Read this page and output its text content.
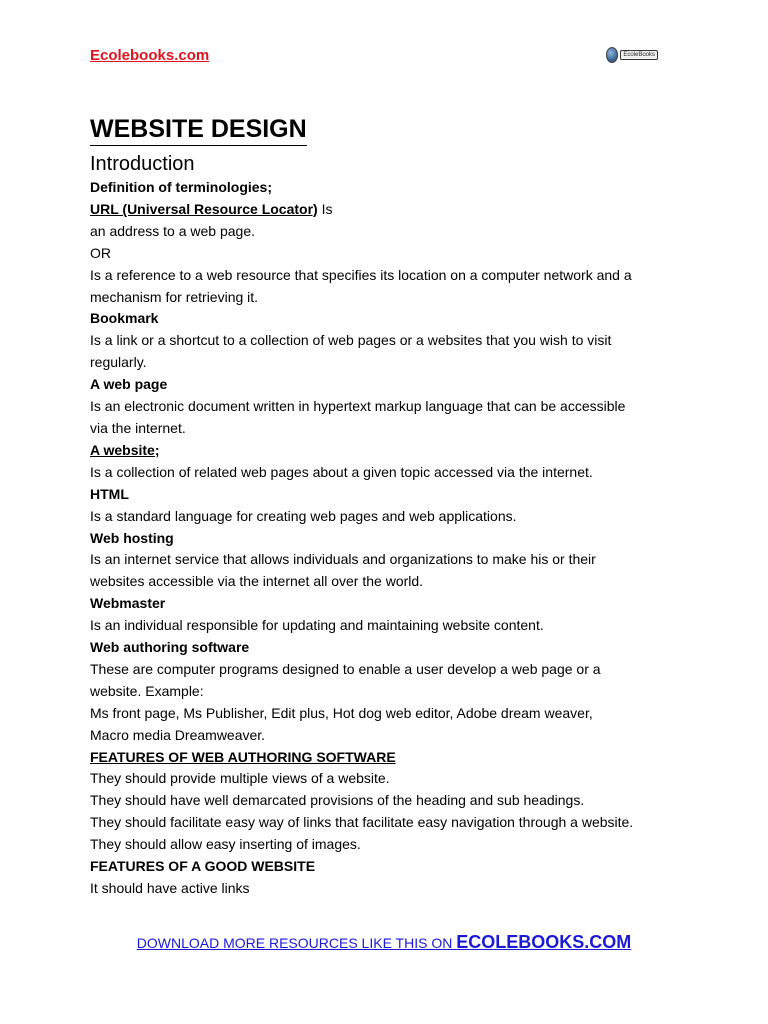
Ecolebooks.com	EcoleBooks
WEBSITE DESIGN
Introduction

Definition of terminologies;

URL (Universal Resource Locator) Is

an address to a web page.

OR

Is a reference to a web resource that specifies its location on a computer network and a

mechanism for retrieving it.

Bookmark

Is a link or a shortcut to a collection of web pages or a websites that you wish to visit

regularly.

A web page

Is an electronic document written in hypertext markup language that can be accessible

via the internet.

A website;

Is a collection of related web pages about a given topic accessed via the internet.

HTML

Is a standard language for creating web pages and web applications.

Web hosting

Is an internet service that allows individuals and organizations to make his or their

websites accessible via the internet all over the world.

Webmaster

Is an individual responsible for updating and maintaining website content.

Web authoring software

These are computer programs designed to enable a user develop a web page or a

website. Example:

Ms front page, Ms Publisher, Edit plus, Hot dog web editor, Adobe dream weaver,

Macro media Dreamweaver.

FEATURES OF WEB AUTHORING SOFTWARE

They should provide multiple views of a website.

They should have well demarcated provisions of the heading and sub headings.

They should facilitate easy way of links that facilitate easy navigation through a website.

They should allow easy inserting of images.

FEATURES OF A GOOD WEBSITE

It should have active links

DOWNLOAD MORE RESOURCES LIKE THIS ON ECOLEBOOKS.COM
